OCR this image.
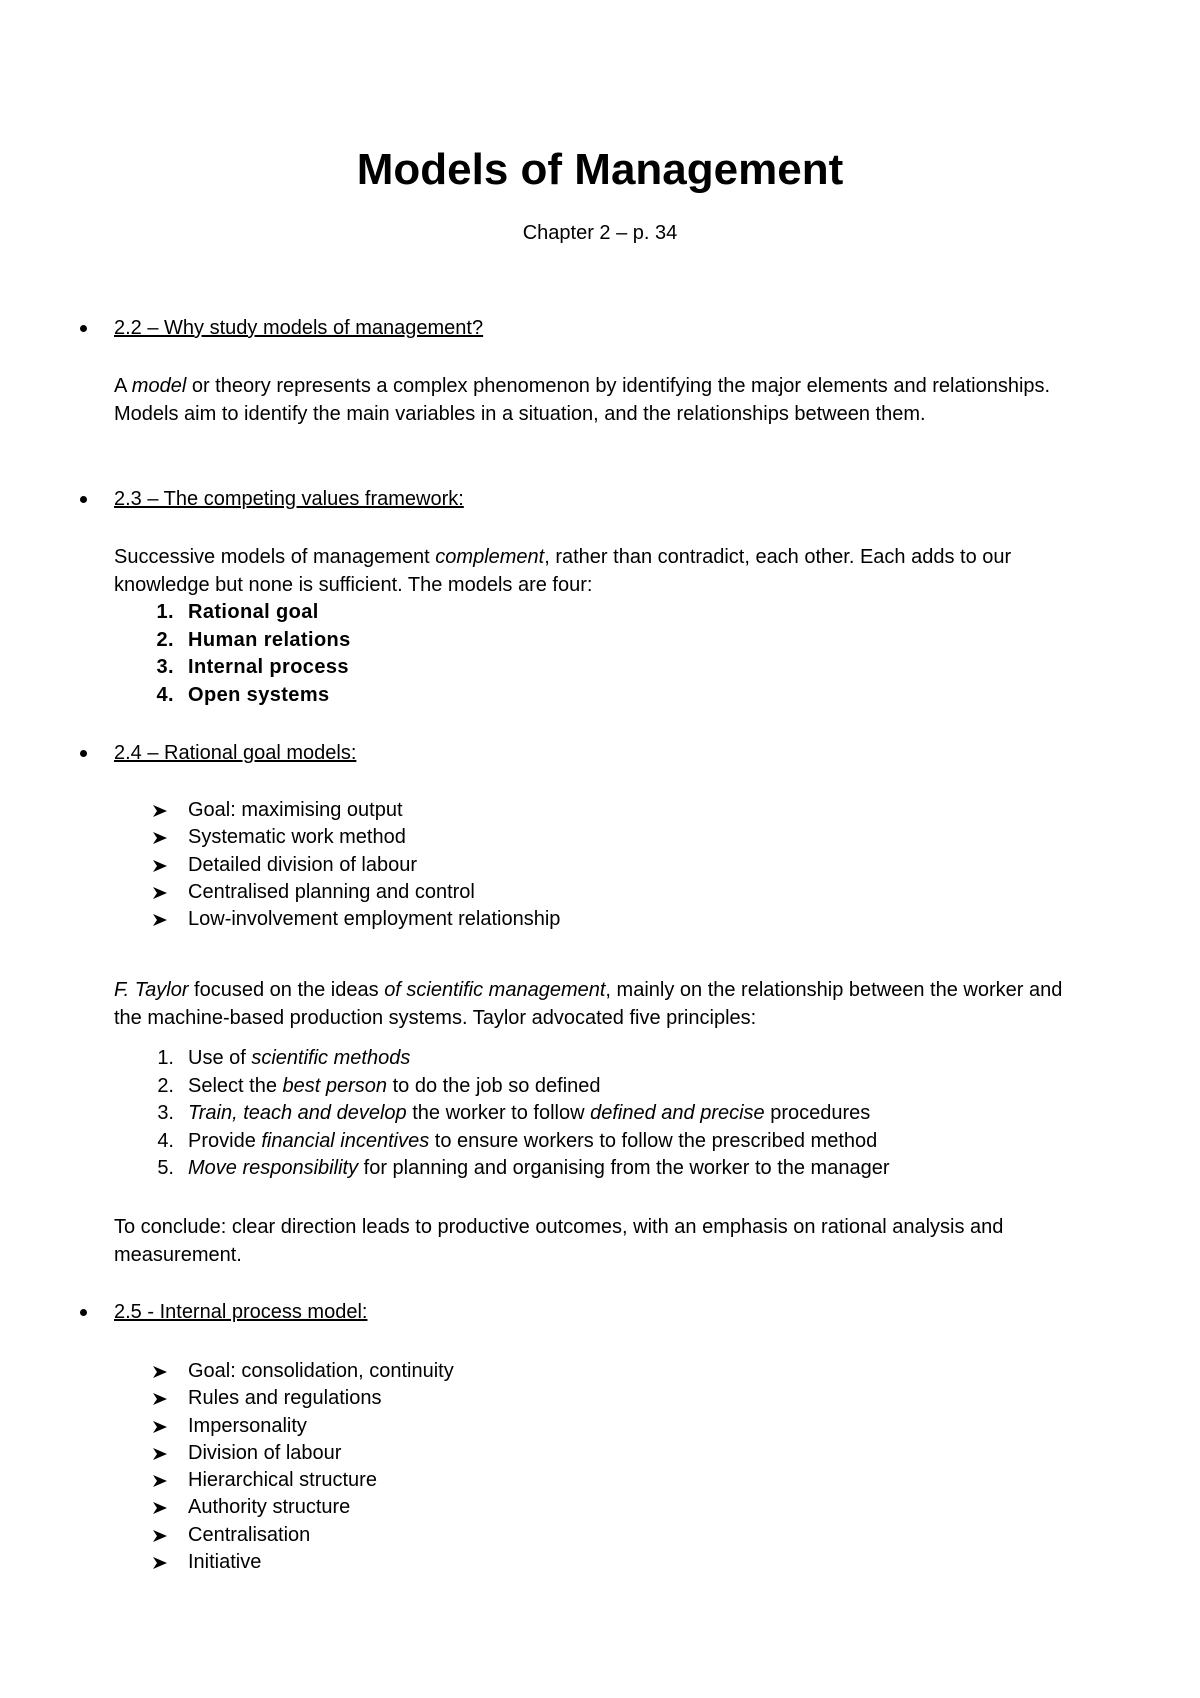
Models of Management
Chapter 2 – p. 34
2.2 – Why study models of management?
A model or theory represents a complex phenomenon by identifying the major elements and relationships. Models aim to identify the main variables in a situation, and the relationships between them.
2.3 – The competing values framework:
Successive models of management complement, rather than contradict, each other. Each adds to our knowledge but none is sufficient. The models are four:
1. Rational goal
2. Human relations
3. Internal process
4. Open systems
2.4 – Rational goal models:
Goal: maximising output
Systematic work method
Detailed division of labour
Centralised planning and control
Low-involvement employment relationship
F. Taylor focused on the ideas of scientific management, mainly on the relationship between the worker and the machine-based production systems. Taylor advocated five principles:
1. Use of scientific methods
2. Select the best person to do the job so defined
3. Train, teach and develop the worker to follow defined and precise procedures
4. Provide financial incentives to ensure workers to follow the prescribed method
5. Move responsibility for planning and organising from the worker to the manager
To conclude: clear direction leads to productive outcomes, with an emphasis on rational analysis and measurement.
2.5 - Internal process model:
Goal: consolidation, continuity
Rules and regulations
Impersonality
Division of labour
Hierarchical structure
Authority structure
Centralisation
Initiative
